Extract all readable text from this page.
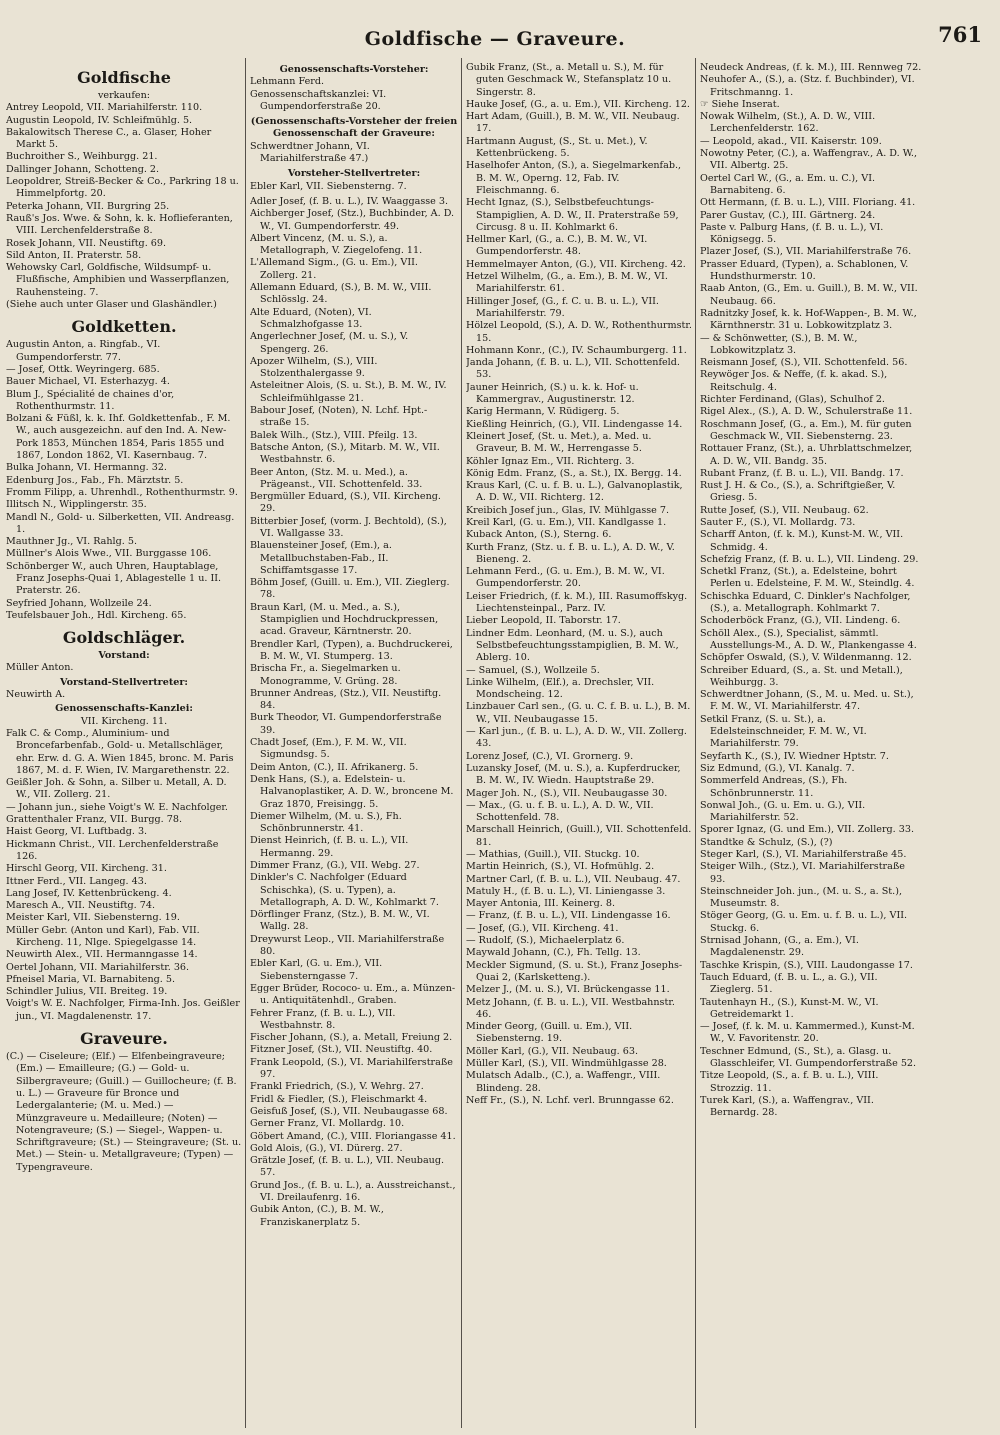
Goldfische — Graveure.	761
Goldfische
verkaufen:

Antrey Leopold, VII. Mariahilferstr. 110.

Augustin Leopold, IV. Schleifmühlg. 5.

Bakalowitsch Therese C., a. Glaser, Hoher Markt 5.

Buchroither S., Weihburgg. 21.

Dallinger Johann, Schotteng. 2.

Leopoldrer, Streiß-Becker & Co., Parkring 18 u. Himmelpfortg. 20.

Peterka Johann, VII. Burgring 25.

Rauß's Jos. Wwe. & Sohn, k. k. Hoflieferanten, VIII. Lerchenfelderstraße 8.

Rosek Johann, VII. Neustiftg. 69.

Sild Anton, II. Praterstr. 58.

Wehowsky Carl, Goldfische, Wildsumpf- u. Flußfische, Amphibien und Wasserpflanzen, Rauhensteing. 7.

(Siehe auch unter Glaser und Glashändler.)

Goldketten.

Augustin Anton, a. Ringfab., VI. Gumpendorferstr. 77.

— Josef, Ottk. Weyringerg. 685.

Bauer Michael, VI. Esterhazyg. 4.

Blum J., Spécialité de chaines d'or, Rothenthurmstr. 11.

Bolzani & Füßl, k. k. Ihf. Goldkettenfab., F. M. W., auch ausgezeichn. auf den Ind. A. New-Pork 1853, München 1854, Paris 1855 und 1867, London 1862, VI. Kasernbaug. 7.

Bulka Johann, VI. Hermanng. 32.

Edenburg Jos., Fab., Fh. Märztstr. 5.

Fromm Filipp, a. Uhrenhdl., Rothenthurmstr. 9.

Illitsch N., Wipplingerstr. 35.

Mandl N., Gold- u. Silberketten, VII. Andreasg. 1.

Mauthner Jg., VI. Rahlg. 5.

Müllner's Alois Wwe., VII. Burggasse 106.

Schönberger W., auch Uhren, Hauptablage, Franz Josephs-Quai 1, Ablagestelle 1 u. II. Praterstr. 26.

Seyfried Johann, Wollzeile 24.

Teufelsbauer Joh., Hdl. Kircheng. 65.

Goldschläger.
Vorstand:
Müller Anton.
Vorstand-Stellvertreter:
Neuwirth A.
Genossenschafts-Kanzlei:
VII. Kircheng. 11.

Falk C. & Comp., Aluminium- und Broncefarbenfab., Gold- u. Metallschläger, ehr. Erw. d. G. A. Wien 1845, bronc. M. Paris 1867, M. d. F. Wien, IV. Margarethenstr. 22.

Geißler Joh. & Sohn, a. Silber u. Metall, A. D. W., VII. Zollerg. 21.

— Johann jun., siehe Voigt's W. E. Nachfolger.

Grattenthaler Franz, VII. Burgg. 78.

Haist Georg, VI. Luftbadg. 3.

Hickmann Christ., VII. Lerchenfelderstraße 126.

Hirschl Georg, VII. Kircheng. 31.

Ittner Ferd., VII. Langeg. 43.

Lang Josef, IV. Kettenbrückeng. 4.

Maresch A., VII. Neustiftg. 74.

Meister Karl, VII. Siebensterng. 19.

Müller Gebr. (Anton und Karl), Fab. VII. Kircheng. 11, Nlge. Spiegelgasse 14.

Neuwirth Alex., VII. Hermanngasse 14.

Oertel Johann, VII. Mariahilferstr. 36.

Pfneisel Maria, VI. Barnabiteng. 5.

Schindler Julius, VII. Breiteg. 19.

Voigt's W. E. Nachfolger, Firma-Inh. Jos. Geißler jun., VI. Magdalenenstr. 17.

Graveure.
(C.) — Ciseleure; (Elf.) — Elfenbeingraveure; (Em.) — Emailleure; (G.) — Gold- u. Silbergraveure; (Guill.) — Guillocheure; (f. B. u. L.) — Graveure für Bronce und Ledergalanterie; (M. u. Med.) — Münzgraveure u. Medailleure; (Noten) — Notengraveure; (S.) — Siegel-, Wappen- u. Schriftgraveure; (St.) — Steingraveure; (St. u. Met.) — Stein- u. Metallgraveure; (Typen) — Typengraveure.
Genossenschafts-Vorsteher:
Lehmann Ferd.
Genossenschaftskanzlei: VI. Gumpendorferstraße 20.
(Genossenschafts-Vorsteher der freien Genossenschaft der Graveure:
Schwerdtner Johann, VI. Mariahilferstraße 47.)
Vorsteher-Stellvertreter:
Ebler Karl, VII. Siebensterng. 7.

Adler Josef, (f. B. u. L.), IV. Waaggasse 3.

Aichberger Josef, (Stz.), Buchbinder, A. D. W., VI. Gumpendorferstr. 49.

Albert Vincenz, (M. u. S.), a. Metallograph, V. Ziegelofeng. 11.

L'Allemand Sigm., (G. u. Em.), VII. Zollerg. 21.

Allemann Eduard, (S.), B. M. W., VIII. Schlösslg. 24.

Alte Eduard, (Noten), VI. Schmalzhofgasse 13.

Angerlechner Josef, (M. u. S.), V. Spengerg. 26.

Apozer Wilhelm, (S.), VIII. Stolzenthalergasse 9.

Asteleitner Alois, (S. u. St.), B. M. W., IV. Schleifmühlgasse 21.

Babour Josef, (Noten), N. Lchf. Hpt.-straße 15.

Balek Wilh., (Stz.), VIII. Pfeilg. 13.

Batsche Anton, (S.), Mitarb. M. W., VII. Westbahnstr. 6.

Beer Anton, (Stz. M. u. Med.), a. Prägeanst., VII. Schottenfeld. 33.

Bergmüller Eduard, (S.), VII. Kircheng. 29.

Bitterbier Josef, (vorm. J. Bechtold), (S.), VI. Wallgasse 33.

Blauensteiner Josef, (Em.), a. Metallbuchstaben-Fab., II. Schiffamtsgasse 17.

Böhm Josef, (Guill. u. Em.), VII. Zieglerg. 78.

Braun Karl, (M. u. Med., a. S.), Stampiglien und Hochdruckpressen, acad. Graveur, Kärntnerstr. 20.

Brendler Karl, (Typen), a. Buchdruckerei, B. M. W., VI. Stumperg. 13.

Brischa Fr., a. Siegelmarken u. Monogramme, V. Grüng. 28.

Brunner Andreas, (Stz.), VII. Neustiftg. 84.

Burk Theodor, VI. Gumpendorferstraße 39.

Chadt Josef, (Em.), F. M. W., VII. Sigmundsg. 5.

Deim Anton, (C.), II. Afrikanerg. 5.

Denk Hans, (S.), a. Edelstein- u. Halvanoplastiker, A. D. W., broncene M. Graz 1870, Freisingg. 5.

Diemer Wilhelm, (M. u. S.), Fh. Schönbrunnerstr. 41.

Dienst Heinrich, (f. B. u. L.), VII. Hermanng. 29.

Dimmer Franz, (G.), VII. Webg. 27.

Dinkler's C. Nachfolger (Eduard Schischka), (S. u. Typen), a. Metallograph, A. D. W., Kohlmarkt 7.

Dörflinger Franz, (Stz.), B. M. W., VI. Wallg. 28.

Dreywurst Leop., VII. Mariahilferstraße 80.

Ebler Karl, (G. u. Em.), VII. Siebensterngasse 7.

Egger Brüder, Rococo- u. Em., a. Münzen- u. Antiquitätenhdl., Graben.

Fehrer Franz, (f. B. u. L.), VII. Westbahnstr. 8.

Fischer Johann, (S.), a. Metall, Freiung 2.

Fitzner Josef, (St.), VII. Neustiftg. 40.

Frank Leopold, (S.), VI. Mariahilferstraße 97.

Frankl Friedrich, (S.), V. Wehrg. 27.

Fridl & Fiedler, (S.), Fleischmarkt 4.

Geisfuß Josef, (S.), VII. Neubaugasse 68.

Gerner Franz, VI. Mollardg. 10.

Göbert Amand, (C.), VIII. Floriangasse 41.

Gold Alois, (G.), VI. Dürerg. 27.

Grätzle Josef, (f. B. u. L.), VII. Neubaug. 57.

Grund Jos., (f. B. u. L.), a. Ausstreichanst., VI. Dreilaufenrg. 16.

Gubik Anton, (C.), B. M. W., Franziskanerplatz 5.

Gubik Franz, (St., a. Metall u. S.), M. für guten Geschmack W., Stefansplatz 10 u. Singerstr. 8.

Hauke Josef, (G., a. u. Em.), VII. Kircheng. 12.

Hart Adam, (Guill.), B. M. W., VII. Neubaug. 17.

Hartmann August, (S., St. u. Met.), V. Kettenbrückeng. 5.

Haselhofer Anton, (S.), a. Siegelmarkenfab., B. M. W., Operng. 12, Fab. IV. Fleischmanng. 6.

Hecht Ignaz, (S.), Selbstbefeuchtungs-Stampiglien, A. D. W., II. Praterstraße 59, Circusg. 8 u. II. Kohlmarkt 6.

Hellmer Karl, (G., a. C.), B. M. W., VI. Gumpendorferstr. 48.

Hemmelmayer Anton, (G.), VII. Kircheng. 42.

Hetzel Wilhelm, (G., a. Em.), B. M. W., VI. Mariahilferstr. 61.

Hillinger Josef, (G., f. C. u. B. u. L.), VII. Mariahilferstr. 79.

Hölzel Leopold, (S.), A. D. W., Rothenthurmstr. 15.

Hohmann Konr., (C.), IV. Schaumburgerg. 11.

Janda Johann, (f. B. u. L.), VII. Schottenfeld. 53.

Jauner Heinrich, (S.) u. k. k. Hof- u. Kammergrav., Augustinerstr. 12.

Karig Hermann, V. Rüdigerg. 5.

Kießling Heinrich, (G.), VII. Lindengasse 14.

Kleinert Josef, (St. u. Met.), a. Med. u. Graveur, B. M. W., Herrengasse 5.

Köhler Ignaz Em., VII. Richterg. 3.

König Edm. Franz, (S., a. St.), IX. Bergg. 14.

Kraus Karl, (C. u. f. B. u. L.), Galvanoplastik, A. D. W., VII. Richterg. 12.

Kreibich Josef jun., Glas, IV. Mühlgasse 7.

Kreil Karl, (G. u. Em.), VII. Kandlgasse 1.

Kuback Anton, (S.), Sterng. 6.

Kurth Franz, (Stz. u. f. B. u. L.), A. D. W., V. Bieneng. 2.

Lehmann Ferd., (G. u. Em.), B. M. W., VI. Gumpendorferstr. 20.

Leiser Friedrich, (f. k. M.), III. Rasumoffskyg. Liechtensteinpal., Parz. IV.

Lieber Leopold, II. Taborstr. 17.

Lindner Edm. Leonhard, (M. u. S.), auch Selbstbefeuchtungsstampiglien, B. M. W., Ablerg. 10.

— Samuel, (S.), Wollzeile 5.

Linke Wilhelm, (Elf.), a. Drechsler, VII. Mondscheing. 12.

Linzbauer Carl sen., (G. u. C. f. B. u. L.), B. M. W., VII. Neubaugasse 15.

— Karl jun., (f. B. u. L.), A. D. W., VII. Zollerg. 43.

Lorenz Josef, (C.), VI. Grornerg. 9.

Luzansky Josef, (M. u. S.), a. Kupferdrucker, B. M. W., IV. Wiedn. Hauptstraße 29.

Mager Joh. N., (S.), VII. Neubaugasse 30.

— Max., (G. u. f. B. u. L.), A. D. W., VII. Schottenfeld. 78.

Marschall Heinrich, (Guill.), VII. Schottenfeld. 81.

— Mathias, (Guill.), VII. Stuckg. 10.

Martin Heinrich, (S.), VI. Hofmühlg. 2.

Martner Carl, (f. B. u. L.), VII. Neubaug. 47.

Matuly H., (f. B. u. L.), VI. Liniengasse 3.

Mayer Antonia, III. Keinerg. 8.

— Franz, (f. B. u. L.), VII. Lindengasse 16.

— Josef, (G.), VII. Kircheng. 41.

— Rudolf, (S.), Michaelerplatz 6.

Maywald Johann, (C.), Fh. Tellg. 13.

Meckler Sigmund, (S. u. St.), Franz Josephs-Quai 2, (Karlsketteng.).

Melzer J., (M. u. S.), VI. Brückengasse 11.

Metz Johann, (f. B. u. L.), VII. Westbahnstr. 46.

Minder Georg, (Guill. u. Em.), VII. Siebensterng. 19.

Möller Karl, (G.), VII. Neubaug. 63.

Müller Karl, (S.), VII. Windmühlgasse 28.

Mulatsch Adalb., (C.), a. Waffengr., VIII. Blindeng. 28.

Neff Fr., (S.), N. Lchf. verl. Brunngasse 62.

Neudeck Andreas, (f. k. M.), III. Rennweg 72.

Neuhofer A., (S.), a. (Stz. f. Buchbinder), VI. Fritschmanng. 1.

☞ Siehe Inserat.

Nowak Wilhelm, (St.), A. D. W., VIII. Lerchenfelderstr. 162.

— Leopold, akad., VII. Kaiserstr. 109.

Nowotny Peter, (C.), a. Waffengrav., A. D. W., VII. Albertg. 25.

Oertel Carl W., (G., a. Em. u. C.), VI. Barnabiteng. 6.

Ott Hermann, (f. B. u. L.), VIII. Floriang. 41.

Parer Gustav, (C.), III. Gärtnerg. 24.

Paste v. Palburg Hans, (f. B. u. L.), VI. Königsegg. 5.

Plazer Josef, (S.), VII. Mariahilferstraße 76.

Prasser Eduard, (Typen), a. Schablonen, V. Hundsthurmerstr. 10.

Raab Anton, (G., Em. u. Guill.), B. M. W., VII. Neubaug. 66.

Radnitzky Josef, k. k. Hof-Wappen-, B. M. W., Kärnthnerstr. 31 u. Lobkowitzplatz 3.

— & Schönwetter, (S.), B. M. W., Lobkowitzplatz 3.

Reismann Josef, (S.), VII. Schottenfeld. 56.

Reywöger Jos. & Neffe, (f. k. akad. S.), Reitschulg. 4.

Richter Ferdinand, (Glas), Schulhof 2.

Rigel Alex., (S.), A. D. W., Schulerstraße 11.

Roschmann Josef, (G., a. Em.), M. für guten Geschmack W., VII. Siebensterng. 23.

Rottauer Franz, (St.), a. Uhrblattschmelzer, A. D. W., VII. Bandg. 35.

Rubant Franz, (f. B. u. L.), VII. Bandg. 17.

Rust J. H. & Co., (S.), a. Schriftgießer, V. Griesg. 5.

Rutte Josef, (S.), VII. Neubaug. 62.

Sauter F., (S.), VI. Mollardg. 73.

Scharff Anton, (f. k. M.), Kunst-M. W., VII. Schmidg. 4.

Schefzig Franz, (f. B. u. L.), VII. Lindeng. 29.

Schetkl Franz, (St.), a. Edelsteine, bohrt Perlen u. Edelsteine, F. M. W., Steindlg. 4.

Schischka Eduard, C. Dinkler's Nachfolger, (S.), a. Metallograph. Kohlmarkt 7.

Schoderböck Franz, (G.), VII. Lindeng. 6.

Schöll Alex., (S.), Specialist, sämmtl. Ausstellungs-M., A. D. W., Plankengasse 4.

Schöpfer Oswald, (S.), V. Wildenmanng. 12.

Schreiber Eduard, (S., a. St. und Metall.), Weihburgg. 3.

Schwerdtner Johann, (S., M. u. Med. u. St.), F. M. W., VI. Mariahilferstr. 47.

Setkil Franz, (S. u. St.), a. Edelsteinschneider, F. M. W., VI. Mariahilferstr. 79.

Seyfarth K., (S.), IV. Wiedner Hptstr. 7.

Siz Edmund, (G.), VI. Kanalg. 7.

Sommerfeld Andreas, (S.), Fh. Schönbrunnerstr. 11.

Sonwal Joh., (G. u. Em. u. G.), VII. Mariahilferstr. 52.

Sporer Ignaz, (G. und Em.), VII. Zollerg. 33.

Standtke & Schulz, (S.), (?)

Steger Karl, (S.), VI. Mariahilferstraße 45.

Steiger Wilh., (Stz.), VI. Mariahilferstraße 93.

Steinschneider Joh. jun., (M. u. S., a. St.), Museumstr. 8.

Stöger Georg, (G. u. Em. u. f. B. u. L.), VII. Stuckg. 6.

Strnisad Johann, (G., a. Em.), VI. Magdalenenstr. 29.

Taschke Krispin, (S.), VIII. Laudongasse 17.

Tauch Eduard, (f. B. u. L., a. G.), VII. Zieglerg. 51.

Tautenhayn H., (S.), Kunst-M. W., VI. Getreidemarkt 1.

— Josef, (f. k. M. u. Kammermed.), Kunst-M. W., V. Favoritenstr. 20.

Teschner Edmund, (S., St.), a. Glasg. u. Glasschleifer, VI. Gumpendorferstraße 52.

Titze Leopold, (S., a. f. B. u. L.), VIII. Strozzig. 11.

Turek Karl, (S.), a. Waffengrav., VII. Bernardg. 28.
